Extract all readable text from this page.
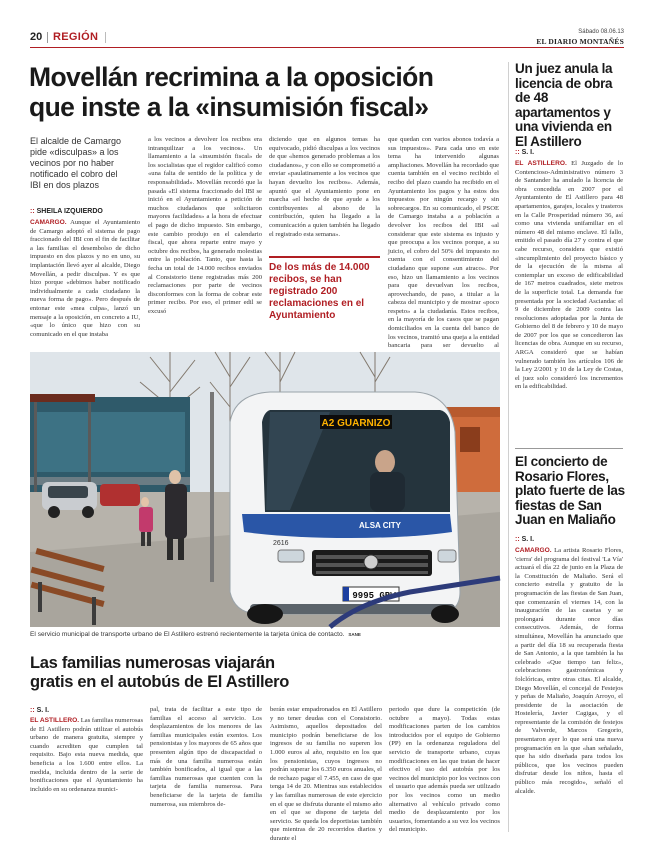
20 REGIÓN	Sábado 08.06.13
EL DIARIO MONTAÑÉS
Movellán recrimina a la oposición
que inste a la «insumisión fiscal»
El alcalde de Camargo pide «disculpas» a los vecinos por no haber notificado el cobro del IBI en dos plazos
:: SHEILA IZQUIERDO
CAMARGO. Aunque el Ayuntamiento de Camargo adoptó el sistema de pago fraccionado del IBI con el fin de facilitar a las familias el desembolso de dicho impuesto en dos plazos y no en uno, su implantación llevó ayer al alcalde, Diego Movellán, a pedir disculpas. Y es que hizo porque «debimos haber notificado individualmente a cada ciudadano la nueva forma de pago». Pero después de entonar este «mea culpa», lanzó un mensaje a la oposición, en concreto a IU, «que lo único que hizo con su comunicado en el que instaba
a los vecinos a devolver los recibos era intranquilizar a los vecinos». Un llamamiento a la «insumisión fiscal» de los socialistas que el regidor calificó como «una falta de sentido de la política y de responsabilidad». Movellán recordó que la pasada «El sistema fraccionado del IBI se inició en el Ayuntamiento a petición de muchos ciudadanos que solicitaron mayores facilidades» a la hora de efectuar el pago de dicho impuesto. Sin embargo, este cambio produjo en el calendario fiscal, que ahora reparte entre mayo y octubre dos recibos, ha generado molestias entre la población. Tanto, que hasta la fecha un total de 14.000 recibos enviados al Consistorio tiene registradas más 200 reclamaciones por parte de vecinos disconformes con la forma de cobrar este primer recibo. Por eso, el primer edil se excusó
diciendo que en algunos temas ha equivocado, pidió disculpas a los vecinos de que «hemos generado problemas a los ciudadanos», y con ello se comprometió a enviar «paulatinamente a los vecinos que hayan devuelto los recibos». Además, apuntó que el Ayuntamiento pone en marcha «el hecho de que ayude a los contribuyentes al abono de la contribución, quien ha llegado a la comunicación a quien también ha llegado el registrado esta semana».
que quedan con varios abonos todavía a sus impuestos». Para cada uno en este tema ha intervenido algunas ampliaciones. Movellán ha recordado que cuenta también en el vecino recibido el recibo del plazo cuando ha recibido en el Ayuntamiento los pagos y ha estos dos impuestos por ningún recargo y sin sobrecargos. En su comunicado, el PSOE de Camargo instaba a a población a devolver los recibos del IBI «al considerar que este sistema es injusto y que preocupa a los vecinos porque, a su juicio, el cobro del 50% del impuesto no cuenta con el consentimiento del ciudadano que supone «un atraco». Por eso, hizo un llamamiento a los vecinos para que devuelvan los recibos, aprovechando, de paso, a titular a la cabeza del municipio y de mostrar «poco respeto» a la ciudadanía. Estos recibos, en la mayoría de los casos que se pagan domiciliados en la cuenta del banco de los vecinos, tramitó una queja a la entidad bancaria para ser devuelto al
De los más de 14.000 recibos, se han registrado 200 reclamaciones en el Ayuntamiento
A2 GUARNIZO
ALSA CITY
2616
9995 GBW
El servicio municipal de transporte urbano de El Astillero estrenó recientemente la tarjeta única de contacto. SANE
Las familias numerosas viajarán
gratis en el autobús de El Astillero
:: S. I.
EL ASTILLERO. Las familias numerosas de El Astillero podrán utilizar el autobús urbano de manera gratuita, siempre y cuando acrediten que cumplen tal requisito. Bajo esta nueva medida, que beneficia a los 1.600 entre ellos. La medida, incluida dentro de la serie de bonificaciones que el Ayuntamiento ha incluido en su ordenanza munici-
pal, trata de facilitar a este tipo de familias el acceso al servicio. Los desplazamientos de los menores de las familias municipales están exentos. Los pensionistas y los mayores de 65 años que presenten algún tipo de discapacidad o más de una familia numerosa están también bonificados, al igual que a las familias numerosas que cuenten con la tarjeta de familia numerosa. Para beneficiarse de la tarjeta de familia numerosa, sus miembros de-
berán estar empadronados en El Astillero y no tener deudas con el Consistorio. Asimismo, aquellos depositados del municipio podrán beneficiarse de los ingresos de su familia no superen los 1.000 euros al año, requisito en los que los pensionistas, cuyos ingresos no podrán superar los 6.350 euros anuales, el de rechazo pagar el 7.455, en caso de que tenga 14 de 20. Mientras sus establecidos y las familias numerosas de este ejercicio en el que se disfruta durante el mismo año en el que se dispone de tarjeta del servicio. Se queda los deportistas también que mientras de 20 recorridos diarios y durante el
periodo que dure la competición (de octubre a mayo). Todas estas modificaciones parten de los cambios introducidos por el equipo de Gobierno (PP) en la ordenanza reguladora del servicio de transporte urbano, cuyas modificaciones en las que tratan de hacer efectivo el uso del autobús por los vecinos del municipio por los vecinos con el usuario que además pueda ser utilizado por los vecinos como un medio alternativo al vehículo privado como medio de desplazamiento por los usuarios, fomentando a su vez los vecinos del municipio.
Un juez anula la licencia de obra de 48 apartamentos y una vivienda en El Astillero
:: S. I.
EL ASTILLERO. El Juzgado de lo Contencioso-Administrativo número 3 de Santander ha anulado la licencia de obra concedida en 2007 por el Ayuntamiento de El Astillero para 48 apartamentos, garajes, locales y trasteros en la Calle Prosperidad número 36, así como una vivienda unifamiliar en el número 48 del mismo enclave. El fallo, emitido el pasado día 27 y contra el que cabe recurso, considera que existió «incumplimiento del proyecto básico y de la ejecución de la misma al contemplar un exceso de edificabilidad de 167 metros cuadrados, siete metros de la superficie total. La demanda fue presentada por la sociedad Asciandac el 9 de diciembre de 2009 contra las resoluciones adoptadas por la Junta de Gobierno del 8 de febrero y 10 de mayo de 2007 por los que se concedieron las licencias de obra. Aunque en su recurso, ARGA consideró que se habían vulnerado también los artículos 106 de la Ley 2/2001 y 10 de la Ley de Costas, el juez solo consideró los incrementos en la edificabilidad.
El concierto de Rosario Flores, plato fuerte de las fiestas de San Juan en Maliaño
:: S. I.
CAMARGO. La artista Rosario Flores, 'cierra' del programa del festival 'La Vía' actuará el día 22 de junio en la Plaza de la Constitución de Maliaño. Será el concierto estrella y gratuito de la programación de las fiestas de San Juan, que comenzarán el viernes 14, con la inauguración de las casetas y se prolongará durante once días consecutivos. Además, de forma simultánea, Movellán ha anunciado que a partir del día 18 su recuperada fiesta de San Antonio, a la que también la ha celebrado «Que tiempo tan feliz», celebraciones gastronómicas y folclóricas, entre otras citas. El alcalde, Diego Movellán, el concejal de Festejos y peñas de Maliaño, Joaquín Arroyo, el presidente de la asociación de Hostelería, Javier Cagigas, y el representante de la comisión de festejos de Valverde, Marcos Gregorio, presentaron ayer lo que será una nueva programación en la que «han señalado, que ha sido diseñada para todos los públicos, que los vecinos pueden disfrutar desde los niños, hasta el público más recogido», señaló el alcalde.
